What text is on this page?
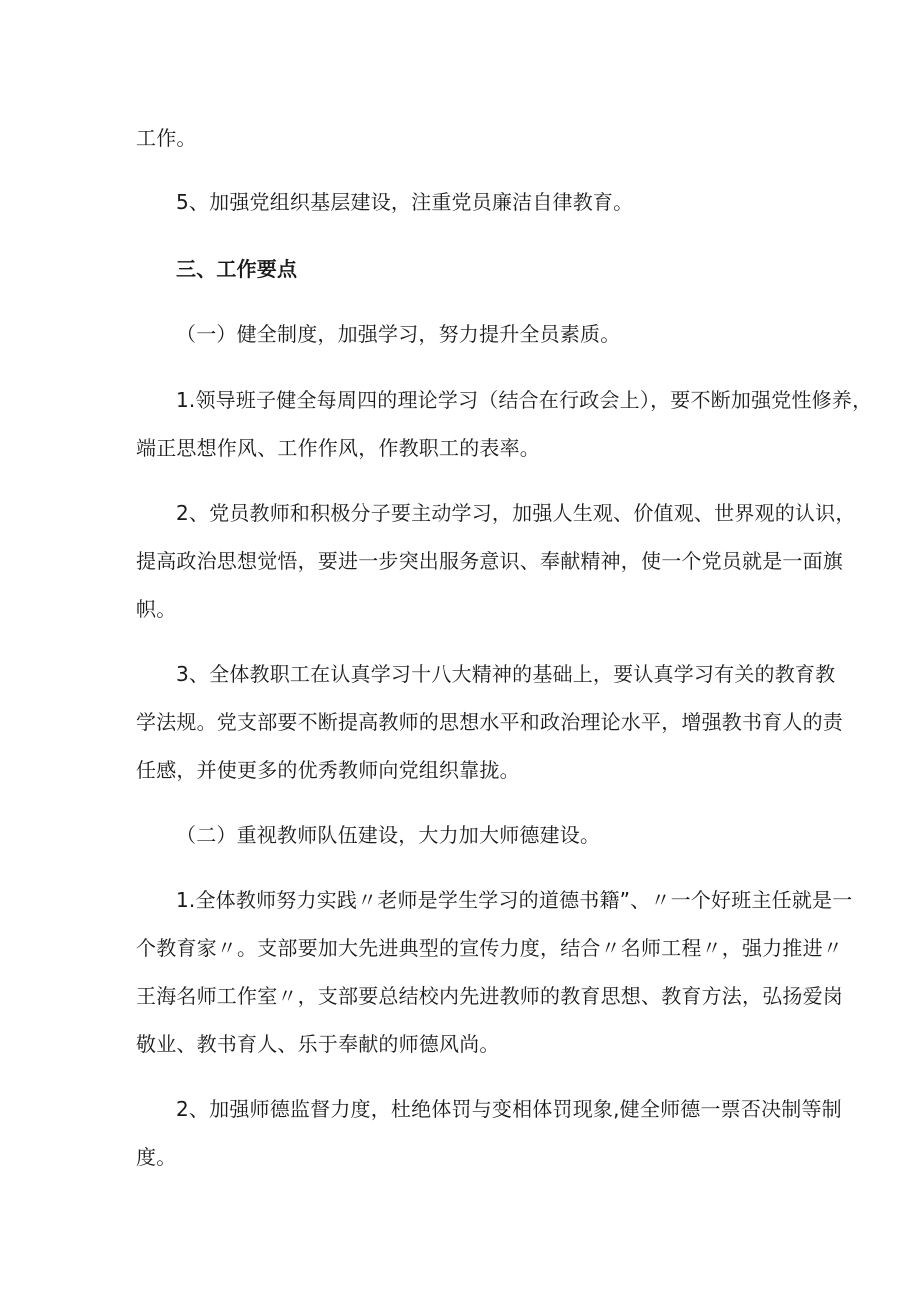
工作。
5、加强党组织基层建设，注重党员廉洁自律教育。
三、工作要点
（一）健全制度，加强学习，努力提升全员素质。
1.领导班子健全每周四的理论学习（结合在行政会上），要不断加强党性修养，
端正思想作风、工作作风，作教职工的表率。
2、党员教师和积极分子要主动学习，加强人生观、价值观、世界观的认识，
提高政治思想觉悟，要进一步突出服务意识、奉献精神，使一个党员就是一面旗
帜。
3、全体教职工在认真学习十八大精神的基础上，要认真学习有关的教育教
学法规。党支部要不断提高教师的思想水平和政治理论水平，增强教书育人的责
任感，并使更多的优秀教师向党组织靠拢。
（二）重视教师队伍建设，大力加大师德建设。
1.全体教师努力实践〃老师是学生学习的道德书籍”、〃一个好班主任就是一
个教育家〃。支部要加大先进典型的宣传力度，结合〃名师工程〃，强力推进〃
王海名师工作室〃，支部要总结校内先进教师的教育思想、教育方法，弘扬爱岗
敬业、教书育人、乐于奉献的师德风尚。
2、加强师德监督力度，杜绝体罚与变相体罚现象,健全师德一票否决制等制
度。
